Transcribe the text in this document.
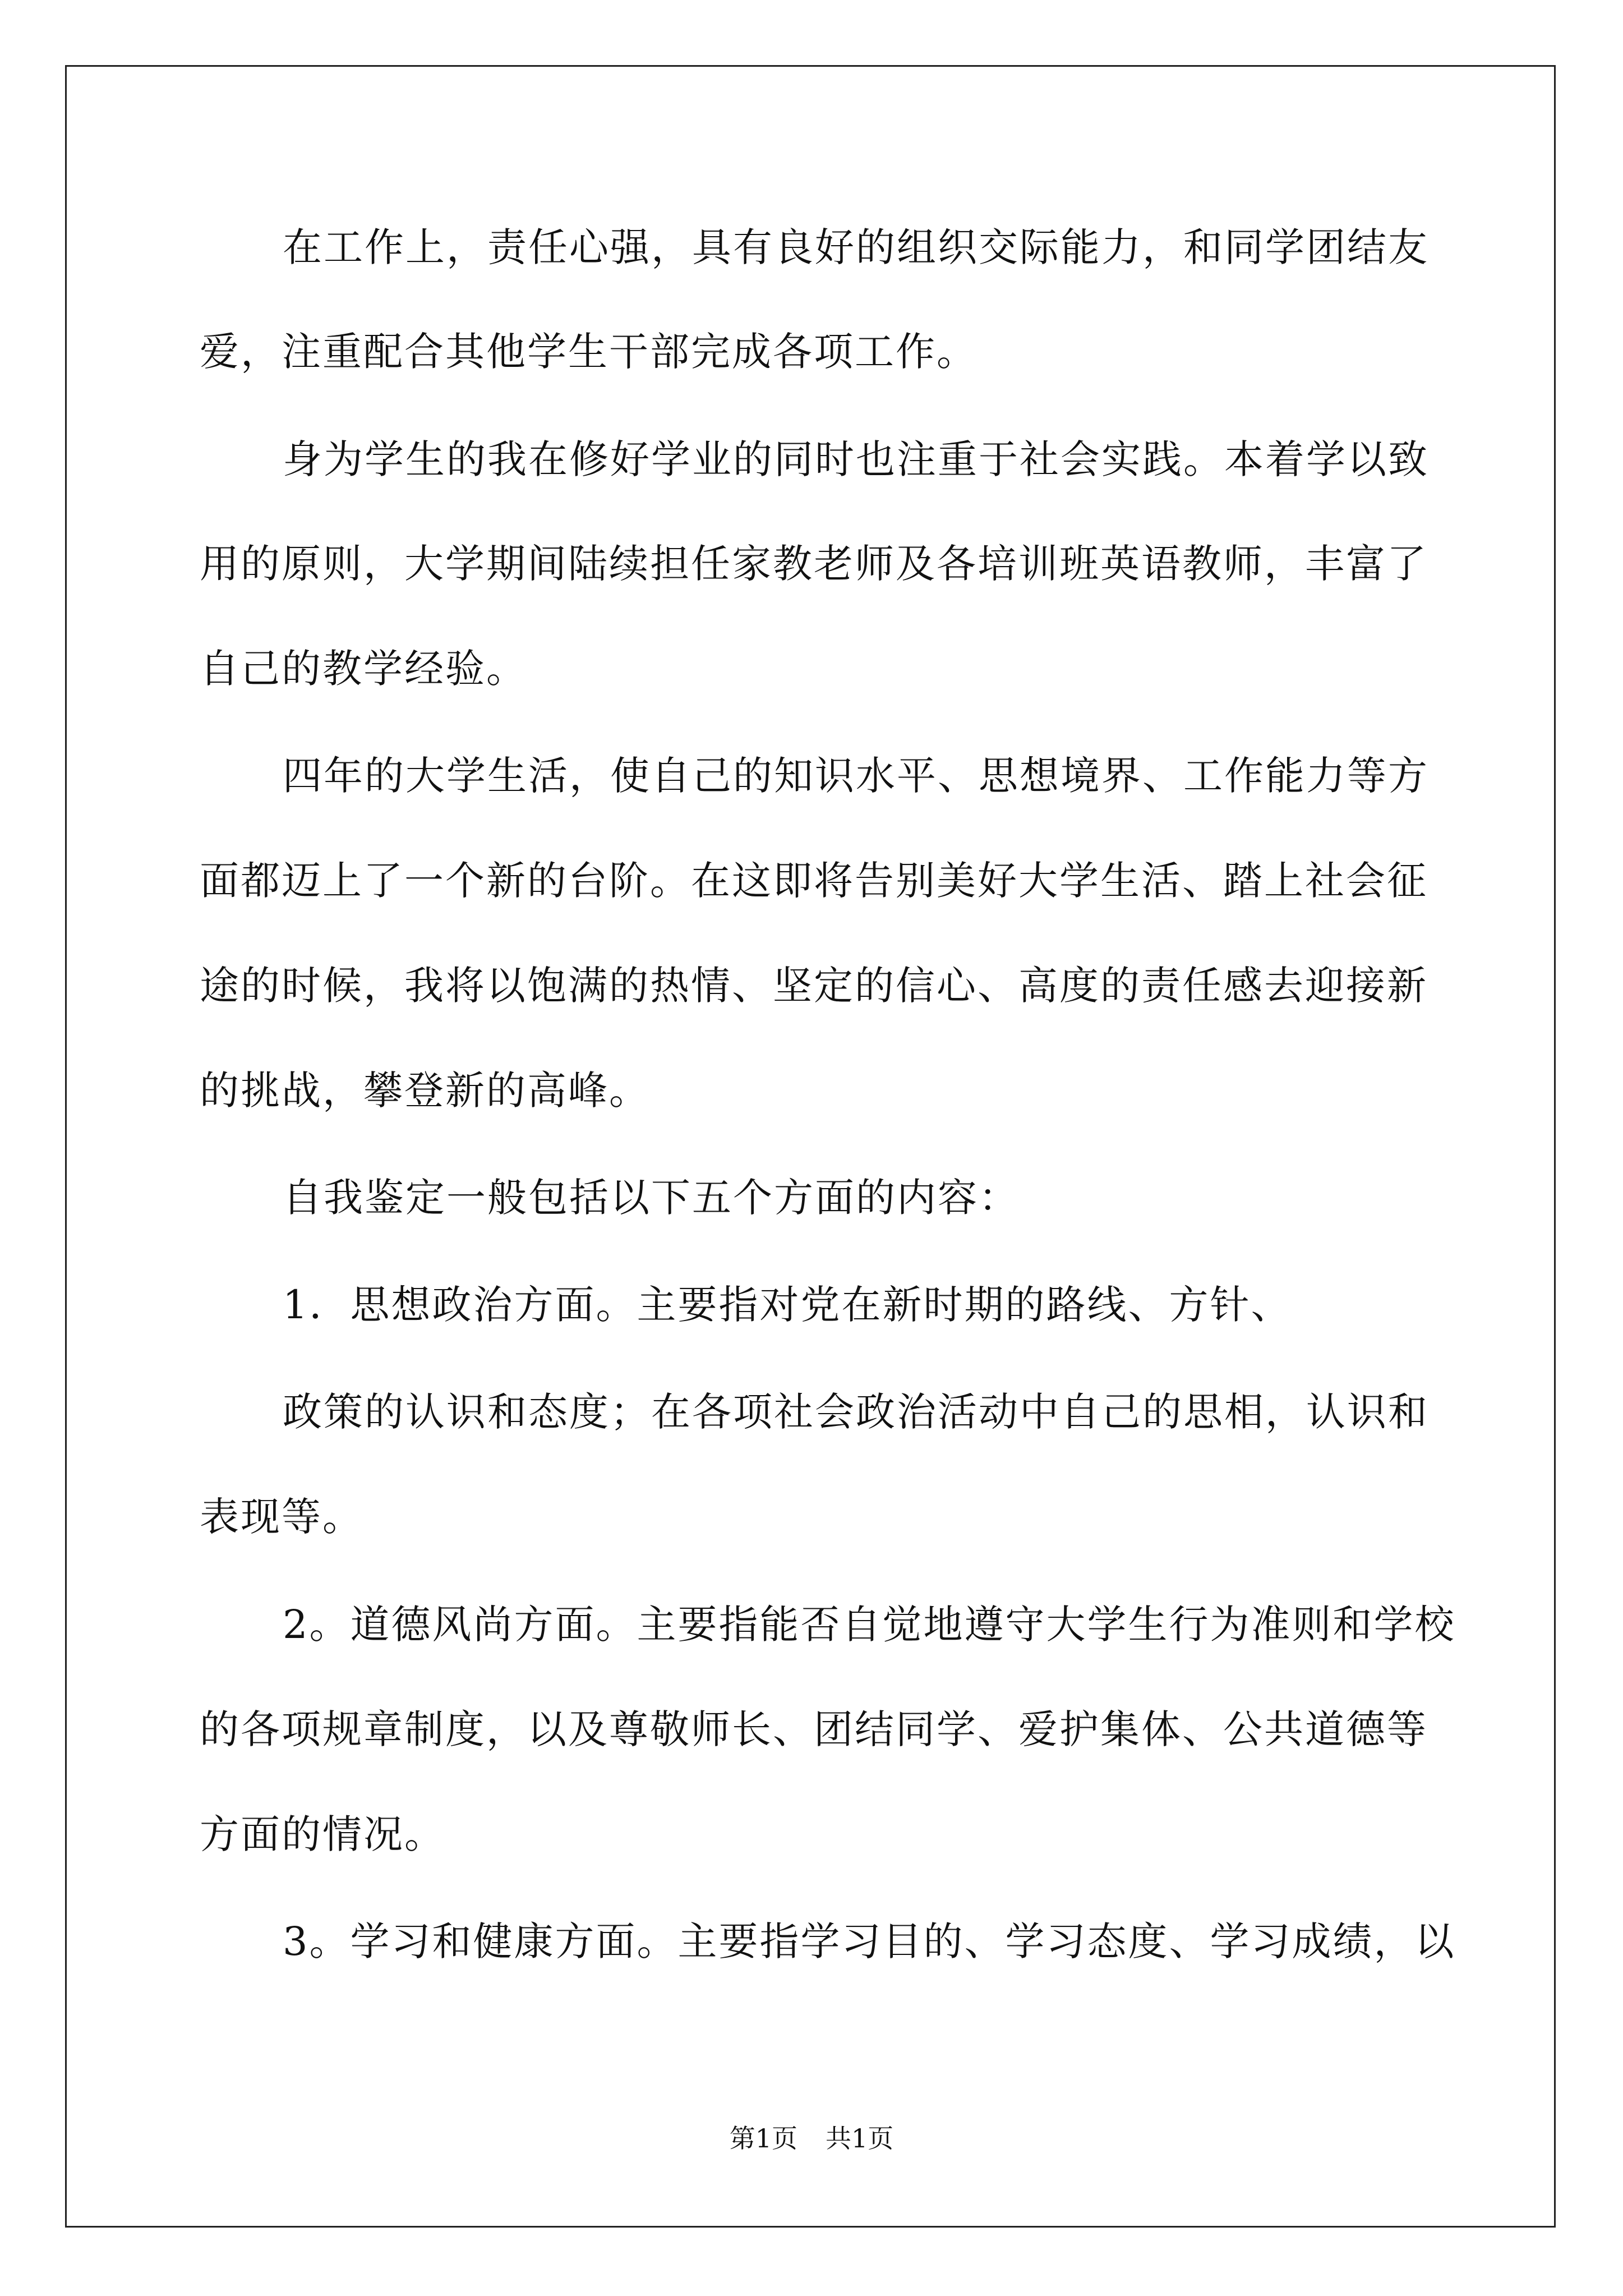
在工作上，责任心强，具有良好的组织交际能力，和同学团结友
爱，注重配合其他学生干部完成各项工作。
身为学生的我在修好学业的同时也注重于社会实践。本着学以致
用的原则，大学期间陆续担任家教老师及各培训班英语教师，丰富了
自己的教学经验。
四年的大学生活，使自己的知识水平、思想境界、工作能力等方
面都迈上了一个新的台阶。在这即将告别美好大学生活、踏上社会征
途的时候，我将以饱满的热情、坚定的信心、高度的责任感去迎接新
的挑战，攀登新的高峰。
自我鉴定一般包括以下五个方面的内容：
1．思想政治方面。主要指对党在新时期的路线、方针、
政策的认识和态度；在各项社会政治活动中自己的思相，认识和
表现等。
2。道德风尚方面。主要指能否自觉地遵守大学生行为准则和学校
的各项规章制度，以及尊敬师长、团结同学、爱护集体、公共道德等
方面的情况。
3。学习和健康方面。主要指学习目的、学习态度、学习成绩，以
第1页 共1页
